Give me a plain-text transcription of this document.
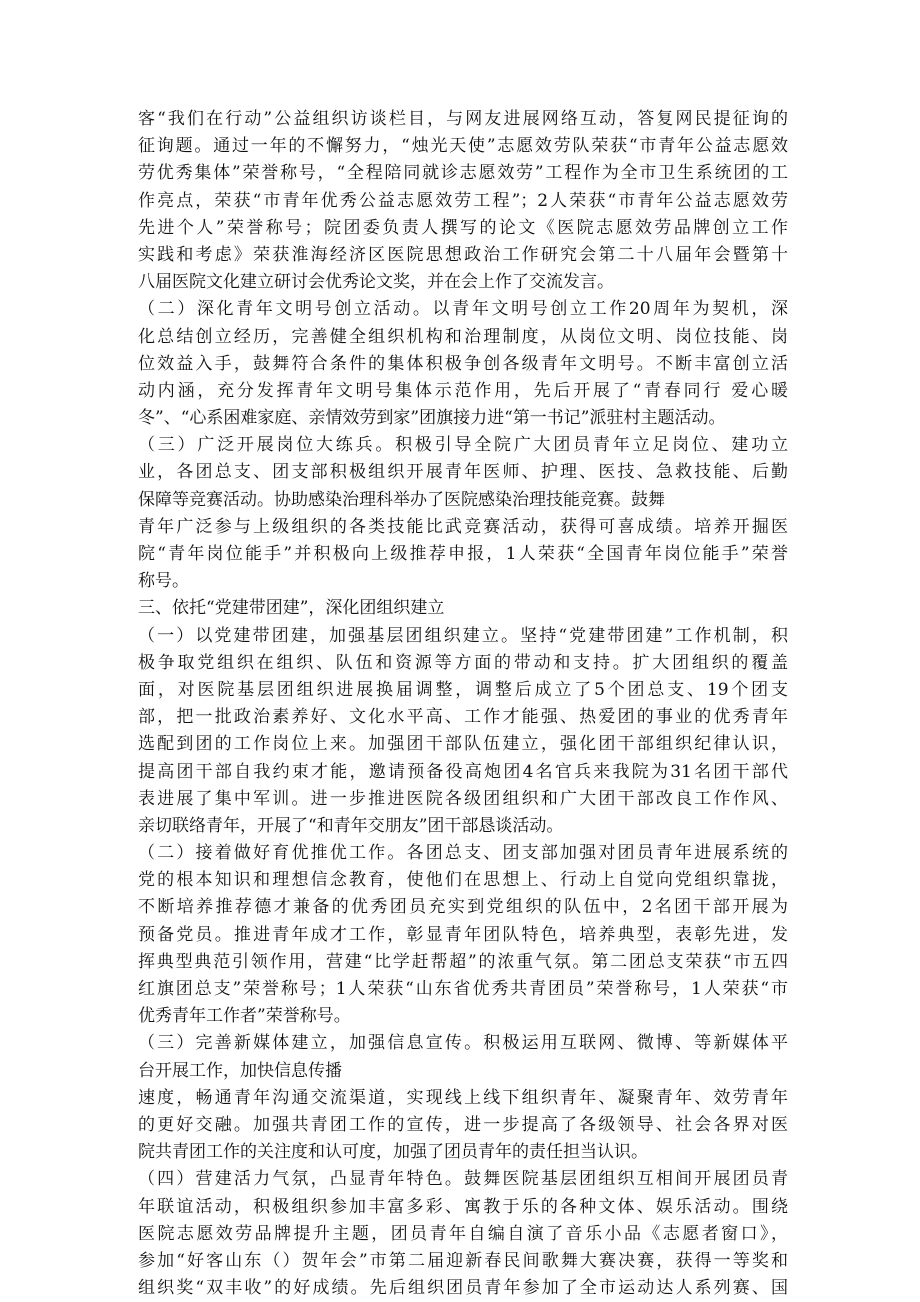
客“我们在行动”公益组织访谈栏目，与网友进展网络互动，答复网民提征询的
征询题。通过一年的不懈努力，“烛光天使”志愿效劳队荣获“市青年公益志愿效
劳优秀集体”荣誉称号，“全程陪同就诊志愿效劳”工程作为全市卫生系统团的工
作亮点，荣获“市青年优秀公益志愿效劳工程”；2人荣获“市青年公益志愿效劳
先进个人”荣誉称号；院团委负责人撰写的论文《医院志愿效劳品牌创立工作
实践和考虑》荣获淮海经济区医院思想政治工作研究会第二十八届年会暨第十
八届医院文化建立研讨会优秀论文奖，并在会上作了交流发言。
（二）深化青年文明号创立活动。以青年文明号创立工作20周年为契机，深
化总结创立经历，完善健全组织机构和治理制度，从岗位文明、岗位技能、岗
位效益入手，鼓舞符合条件的集体积极争创各级青年文明号。不断丰富创立活
动内涵，充分发挥青年文明号集体示范作用，先后开展了“青春同行 爱心暖
冬”、“心系困难家庭、亲情效劳到家”团旗接力进“第一书记”派驻村主题活动。
（三）广泛开展岗位大练兵。积极引导全院广大团员青年立足岗位、建功立
业，各团总支、团支部积极组织开展青年医师、护理、医技、急救技能、后勤
保障等竞赛活动。协助感染治理科举办了医院感染治理技能竞赛。鼓舞
青年广泛参与上级组织的各类技能比武竞赛活动，获得可喜成绩。培养开掘医
院“青年岗位能手”并积极向上级推荐申报，1人荣获“全国青年岗位能手”荣誉
称号。
三、依托“党建带团建”，深化团组织建立
（一）以党建带团建，加强基层团组织建立。坚持“党建带团建”工作机制，积
极争取党组织在组织、队伍和资源等方面的带动和支持。扩大团组织的覆盖
面，对医院基层团组织进展换届调整，调整后成立了5个团总支、19个团支
部，把一批政治素养好、文化水平高、工作才能强、热爱团的事业的优秀青年
选配到团的工作岗位上来。加强团干部队伍建立，强化团干部组织纪律认识，
提高团干部自我约束才能，邀请预备役高炮团4名官兵来我院为31名团干部代
表进展了集中军训。进一步推进医院各级团组织和广大团干部改良工作作风、
亲切联络青年，开展了“和青年交朋友”团干部恳谈活动。
（二）接着做好育优推优工作。各团总支、团支部加强对团员青年进展系统的
党的根本知识和理想信念教育，使他们在思想上、行动上自觉向党组织靠拢，
不断培养推荐德才兼备的优秀团员充实到党组织的队伍中，2名团干部开展为
预备党员。推进青年成才工作，彰显青年团队特色，培养典型，表彰先进，发
挥典型典范引领作用，营建“比学赶帮超”的浓重气氛。第二团总支荣获“市五四
红旗团总支”荣誉称号；1人荣获“山东省优秀共青团员”荣誉称号，1人荣获“市
优秀青年工作者”荣誉称号。
（三）完善新媒体建立，加强信息宣传。积极运用互联网、微博、等新媒体平
台开展工作，加快信息传播
速度，畅通青年沟通交流渠道，实现线上线下组织青年、凝聚青年、效劳青年
的更好交融。加强共青团工作的宣传，进一步提高了各级领导、社会各界对医
院共青团工作的关注度和认可度，加强了团员青年的责任担当认识。
（四）营建活力气氛，凸显青年特色。鼓舞医院基层团组织互相间开展团员青
年联谊活动，积极组织参加丰富多彩、寓教于乐的各种文体、娱乐活动。围绕
医院志愿效劳品牌提升主题，团员青年自编自演了音乐小品《志愿者窗口》，
参加“好客山东（）贺年会”市第二届迎新春民间歌舞大赛决赛，获得一等奖和
组织奖“双丰收”的好成绩。先后组织团员青年参加了全市运动达人系列赛、国
